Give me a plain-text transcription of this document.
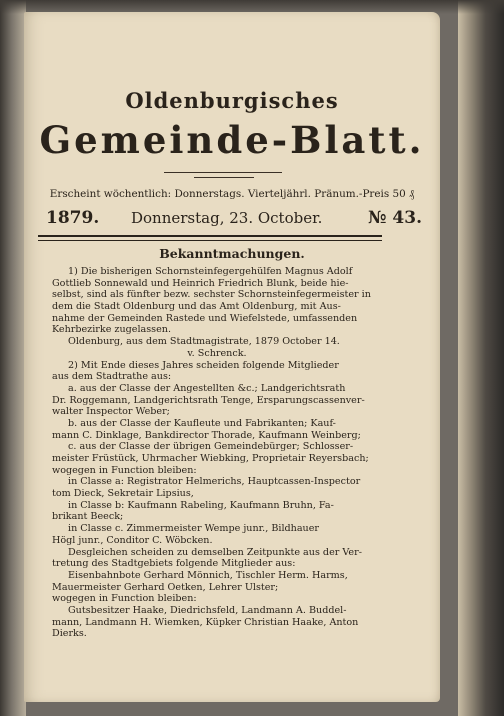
Oldenburgisches
Gemeinde-Blatt.
Erscheint wöchentlich: Donnerstags. Vierteljährl. Pränum.-Preis 50 ₰
1879. Donnerstag, 23. October.	№ 43.
Bekanntmachungen.
1) Die bisherigen Schornsteinfegergehülfen Magnus Adolf
Gottlieb Sonnewald und Heinrich Friedrich Blunk, beide hie-
selbst, sind als fünfter bezw. sechster Schornsteinfegermeister in
dem die Stadt Oldenburg und das Amt Oldenburg, mit Aus-
nahme der Gemeinden Rastede und Wiefelstede, umfassenden
Kehrbezirke zugelassen.
Oldenburg, aus dem Stadtmagistrate, 1879 October 14.
v. Schrenck.
2) Mit Ende dieses Jahres scheiden folgende Mitglieder
aus dem Stadtrathe aus:
a. aus der Classe der Angestellten &c.; Landgerichtsrath
Dr. Roggemann, Landgerichtsrath Tenge, Ersparungscassenver-
walter Inspector Weber;
b. aus der Classe der Kaufleute und Fabrikanten; Kauf-
mann C. Dinklage, Bankdirector Thorade, Kaufmann Weinberg;
c. aus der Classe der übrigen Gemeindebürger; Schlosser-
meister Früstück, Uhrmacher Wiebking, Proprietair Reyersbach;
wogegen in Function bleiben:
in Classe a: Registrator Helmerichs, Hauptcassen-Inspector
tom Dieck, Sekretair Lipsius,
in Classe b: Kaufmann Rabeling, Kaufmann Bruhn, Fa-
brikant Beeck;
in Classe c. Zimmermeister Wempe junr., Bildhauer
Högl junr., Conditor C. Wöbcken.
Desgleichen scheiden zu demselben Zeitpunkte aus der Ver-
tretung des Stadtgebiets folgende Mitglieder aus:
Eisenbahnbote Gerhard Mönnich, Tischler Herm. Harms,
Mauermeister Gerhard Oetken, Lehrer Ulster;
wogegen in Function bleiben:
Gutsbesitzer Haake, Diedrichsfeld, Landmann A. Buddel-
mann, Landmann H. Wiemken, Küpker Christian Haake, Anton
Dierks.
